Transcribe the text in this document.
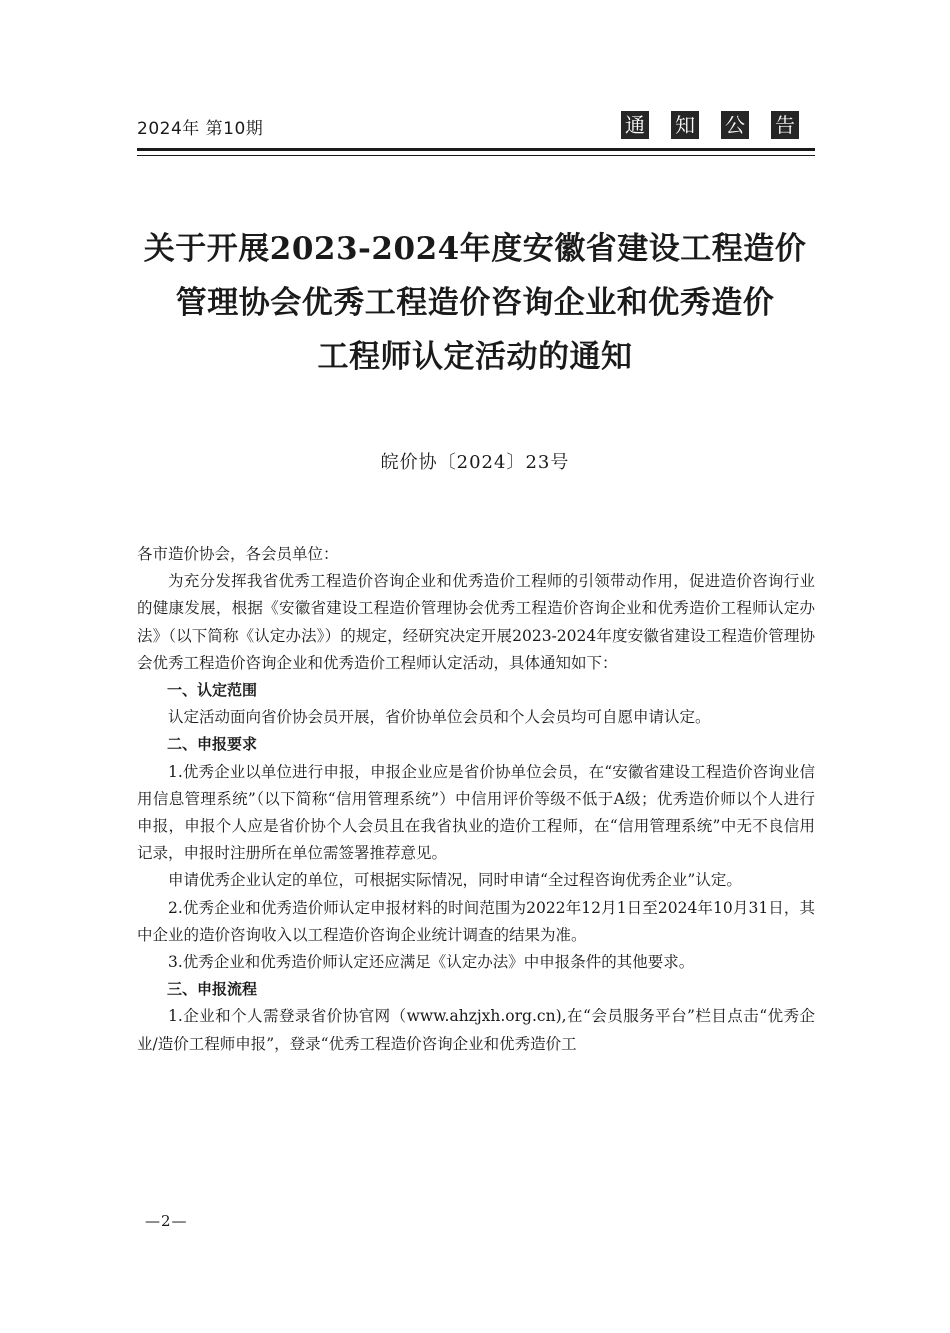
2024年 第10期	通 知 公 告
关于开展2023-2024年度安徽省建设工程造价
管理协会优秀工程造价咨询企业和优秀造价
工程师认定活动的通知
皖价协〔2024〕23号

各市造价协会，各会员单位：

为充分发挥我省优秀工程造价咨询企业和优秀造价工程师的引领带动作用，促进造价咨询行业的健康发展，根据《安徽省建设工程造价管理协会优秀工程造价咨询企业和优秀造价工程师认定办法》（以下简称《认定办法》）的规定，经研究决定开展2023-2024年度安徽省建设工程造价管理协会优秀工程造价咨询企业和优秀造价工程师认定活动，具体通知如下：

一、认定范围

认定活动面向省价协会员开展，省价协单位会员和个人会员均可自愿申请认定。

二、申报要求

1.优秀企业以单位进行申报，申报企业应是省价协单位会员，在“安徽省建设工程造价咨询业信用信息管理系统”（以下简称“信用管理系统”）中信用评价等级不低于A级；优秀造价师以个人进行申报，申报个人应是省价协个人会员且在我省执业的造价工程师，在“信用管理系统”中无不良信用记录，申报时注册所在单位需签署推荐意见。

申请优秀企业认定的单位，可根据实际情况，同时申请“全过程咨询优秀企业”认定。

2.优秀企业和优秀造价师认定申报材料的时间范围为2022年12月1日至2024年10月31日，其中企业的造价咨询收入以工程造价咨询企业统计调查的结果为准。

3.优秀企业和优秀造价师认定还应满足《认定办法》中申报条件的其他要求。

三、申报流程

1.企业和个人需登录省价协官网（www.ahzjxh.org.cn),在“会员服务平台”栏目点击“优秀企业/造价工程师申报”，登录“优秀工程造价咨询企业和优秀造价工

—2—
